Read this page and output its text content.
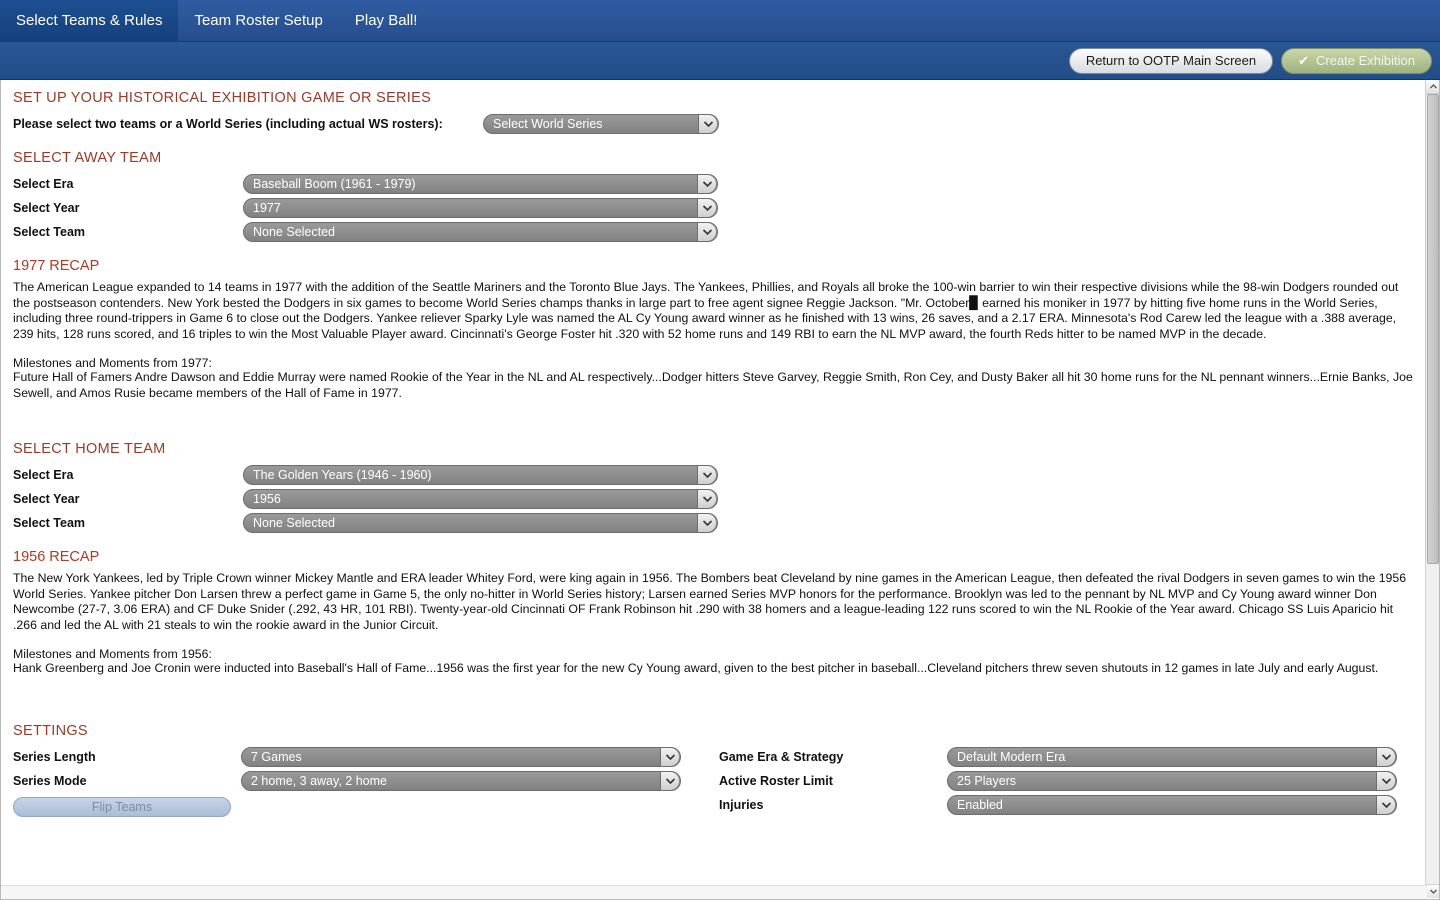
Select Teams & Rules Team Roster Setup Play Ball!
Return to OOTP Main Screen	✔ Create Exhibition
SET UP YOUR HISTORICAL EXHIBITION GAME OR SERIES
Please select two teams or a World Series (including actual WS rosters):	Select World Series
SELECT AWAY TEAM
Select Era	Baseball Boom (1961 - 1979)
Select Year	1977
Select Team	None Selected
1977 RECAP

The American League expanded to 14 teams in 1977 with the addition of the Seattle Mariners and the Toronto Blue Jays. The Yankees, Phillies, and Royals all broke the 100-win barrier to win their respective divisions while the 98-win Dodgers rounded out the postseason contenders. New York bested the Dodgers in six games to become World Series champs thanks in large part to free agent signee Reggie Jackson. "Mr. October▉ earned his moniker in 1977 by hitting five home runs in the World Series, including three round-trippers in Game 6 to close out the Dodgers. Yankee reliever Sparky Lyle was named the AL Cy Young award winner as he finished with 13 wins, 26 saves, and a 2.17 ERA. Minnesota's Rod Carew led the league with a .388 average, 239 hits, 128 runs scored, and 16 triples to win the Most Valuable Player award. Cincinnati's George Foster hit .320 with 52 home runs and 149 RBI to earn the NL MVP award, the fourth Reds hitter to be named MVP in the decade.

Milestones and Moments from 1977:

Future Hall of Famers Andre Dawson and Eddie Murray were named Rookie of the Year in the NL and AL respectively...Dodger hitters Steve Garvey, Reggie Smith, Ron Cey, and Dusty Baker all hit 30 home runs for the NL pennant winners...Ernie Banks, Joe Sewell, and Amos Rusie became members of the Hall of Fame in 1977.

SELECT HOME TEAM
Select Era	The Golden Years (1946 - 1960)
Select Year	1956
Select Team	None Selected
1956 RECAP

The New York Yankees, led by Triple Crown winner Mickey Mantle and ERA leader Whitey Ford, were king again in 1956. The Bombers beat Cleveland by nine games in the American League, then defeated the rival Dodgers in seven games to win the 1956 World Series. Yankee pitcher Don Larsen threw a perfect game in Game 5, the only no-hitter in World Series history; Larsen earned Series MVP honors for the performance. Brooklyn was led to the pennant by NL MVP and Cy Young award winner Don Newcombe (27-7, 3.06 ERA) and CF Duke Snider (.292, 43 HR, 101 RBI). Twenty-year-old Cincinnati OF Frank Robinson hit .290 with 38 homers and a league-leading 122 runs scored to win the NL Rookie of the Year award. Chicago SS Luis Aparicio hit .266 and led the AL with 21 steals to win the rookie award in the Junior Circuit.

Milestones and Moments from 1956:

Hank Greenberg and Joe Cronin were inducted into Baseball's Hall of Fame...1956 was the first year for the new Cy Young award, given to the best pitcher in baseball...Cleveland pitchers threw seven shutouts in 12 games in late July and early August.

SETTINGS
Series Length	7 Games
Series Mode	2 home, 3 away, 2 home
Flip Teams
Game Era & Strategy	Default Modern Era
Active Roster Limit	25 Players
Injuries	Enabled
